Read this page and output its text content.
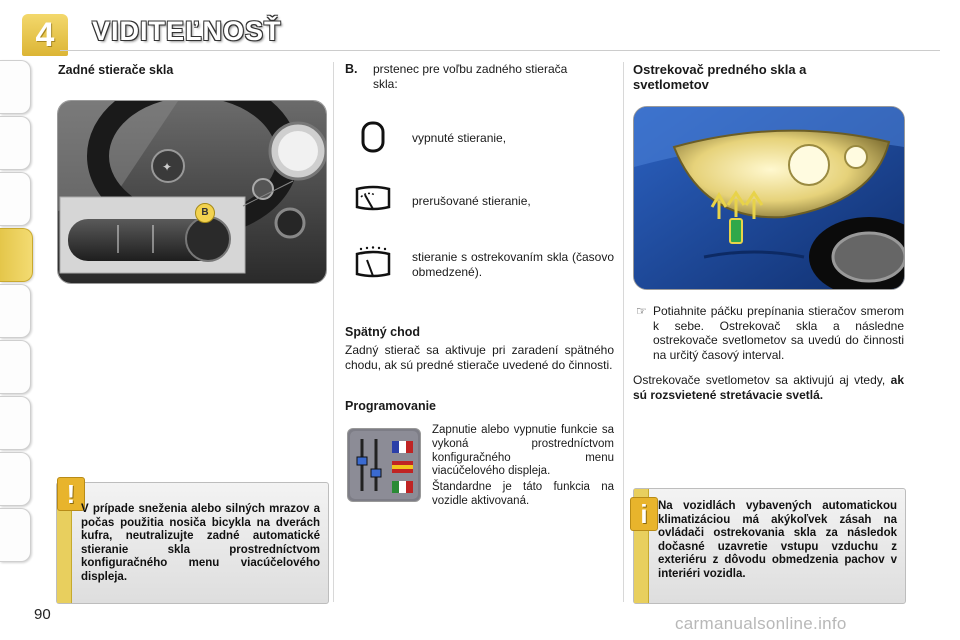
4	VIDITEĽNOSŤ
Zadné stierače skla
✦
B
! V prípade sneženia alebo silných mrazov a počas použitia nosiča bicykla na dverách kufra, neutralizujte zadné automatické stieranie skla prostredníctvom konfiguračného menu viacúčelového displeja.
B. prstenec pre voľbu zadného stierača skla:
vypnuté stieranie,
prerušované stieranie,
stieranie s ostrekovaním skla (časovo obmedzené).
Spätný chod
Zadný stierač sa aktivuje pri zaradení spätného chodu, ak sú predné stierače uvedené do činnosti.
Programovanie
Zapnutie alebo vypnutie funkcie sa vykoná prostredníctvom konfiguračného menu viacúčelového displeja.
Štandardne je táto funkcia na vozidle aktivovaná.
Ostrekovač predného skla a
svetlometov
☞ Potiahnite páčku prepínania stieračov smerom k sebe. Ostrekovač skla a následne ostrekovače svetlometov sa uvedú do činnosti na určitý časový interval.
Ostrekovače svetlometov sa aktivujú aj vtedy, ak sú rozsvietené stretávacie svetlá.
i Na vozidlách vybavených automatickou klimatizáciou má akýkoľvek zásah na ovládači ostrekovania skla za následok dočasné uzavretie vstupu vzduchu z exteriéru z dôvodu obmedzenia pachov v interiéri vozidla.
90	carmanualsonline.info
